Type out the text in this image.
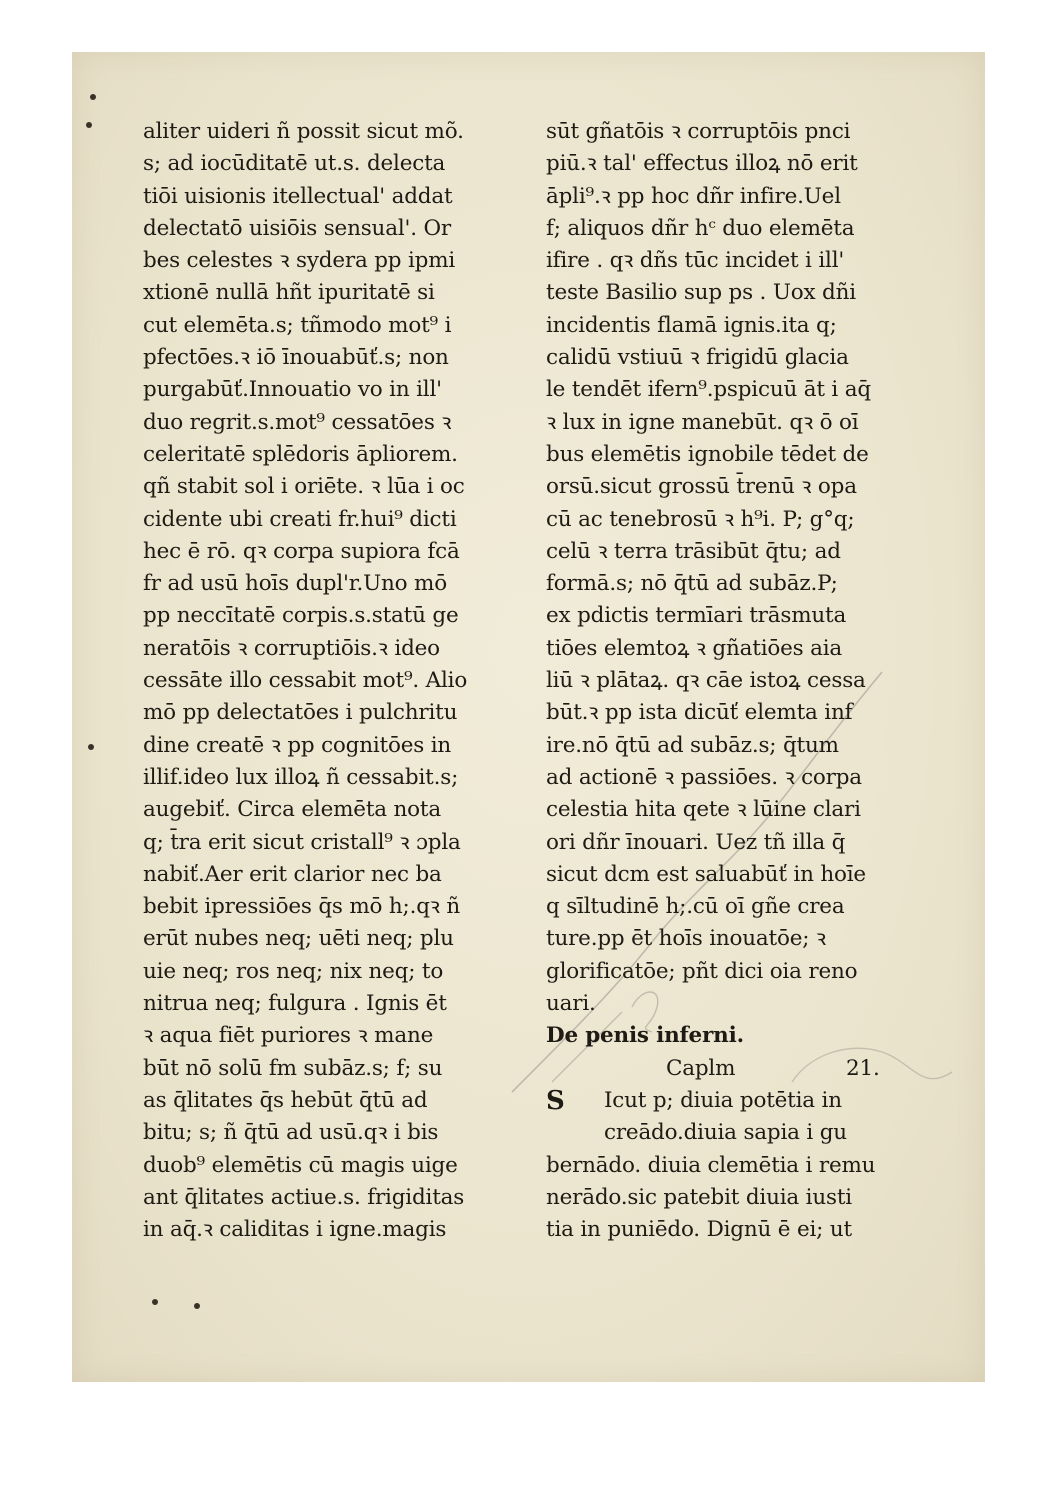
aliter uideri ñ possit sicut mõ.
s; ad iocūditatē ut.s. delecta
tiōi uisionis itellectual' addat
delectatō uisiōis sensual'. Or
bes celestes ꝛ sydera pp ipmi
xtionē nullā hñt ipuritatē si
cut elemēta.s; tñmodo mot⁹ i
pfectōes.ꝛ iō īnouabūť.s; non
purgabūť.Innouatio vo in ill'
duo regrit.s.mot⁹ cessatōes ꝛ
celeritatē splēdoris āpliorem.
qñ stabit sol i oriēte. ꝛ lūa i oc
cidente ubi creati fr.hui⁹ dicti
hec ē rō. qꝛ corpa supiora fcā
fr ad usū hoīs dupl'r.Uno mō
pp neccītatē corpis.s.statū ge
neratōis ꝛ corruptiōis.ꝛ ideo
cessāte illo cessabit mot⁹. Alio
mō pp delectatōes i pulchritu
dine creatē ꝛ pp cognitōes in
illif.ideo lux illoꝝ ñ cessabit.s;
augebiť. Circa elemēta nota
q; t̄ra erit sicut cristall⁹ ꝛ ɔpla
nabiť.Aer erit clarior nec ba
bebit ipressiōes q̄s mō h;.qꝛ ñ
erūt nubes neq; uēti neq; plu
uie neq; ros neq; nix neq; to
nitrua neq; fulgura . Ignis ēt
ꝛ aqua fiēt puriores ꝛ mane
būt nō solū fm subāz.s; f; su
as q̄litates q̄s hebūt q̄tū ad
bitu; s; ñ q̄tū ad usū.qꝛ i bis
duob⁹ elemētis cū magis uige
ant q̄litates actiue.s. frigiditas
in aq̄.ꝛ caliditas i igne.magis
sūt gñatōis ꝛ corruptōis pnci
piū.ꝛ tal' effectus illoꝝ nō erit
āpli⁹.ꝛ pp hoc dñr infire.Uel
f; aliquos dñr hᶜ duo elemēta
ifire . qꝛ dñs tūc incidet i ill'
teste Basilio sup ps . Uox dñi
incidentis flamā ignis.ita q;
calidū vstiuū ꝛ frigidū glacia
le tendēt ifern⁹.pspicuū āt i aq̄
ꝛ lux in igne manebūt. qꝛ ō oī
bus elemētis ignobile tēdet de
orsū.sicut grossū t̄renū ꝛ opa
cū ac tenebrosū ꝛ h⁹i. P; g°q;
celū ꝛ terra trāsibūt q̄tu; ad
formā.s; nō q̄tū ad subāz.P;
ex pdictis termīari trāsmuta
tiōes elemtoꝝ ꝛ gñatiōes aia
liū ꝛ plātaꝝ. qꝛ cāe istoꝝ cessa
būt.ꝛ pp ista dicūť elemta inf
ire.nō q̄tū ad subāz.s; q̄tum
ad actionē ꝛ passiōes. ꝛ corpa
celestia hita qete ꝛ lūine clari
ori dñr īnouari. Uez tñ illa q̄
sicut dcm est saluabūť in hoīe
q sīltudinē h;.cū oī gñe crea
ture.pp ēt hoīs inouatōe; ꝛ
glorificatōe; pñt dici oia reno
uari.
De penis inferni.
Caplm	21.
S Icut p; diuia potētia in
creādo.diuia sapia i gu
bernādo. diuia clemētia i remu
nerādo.sic patebit diuia iusti
tia in puniēdo. Dignū ē ei; ut
